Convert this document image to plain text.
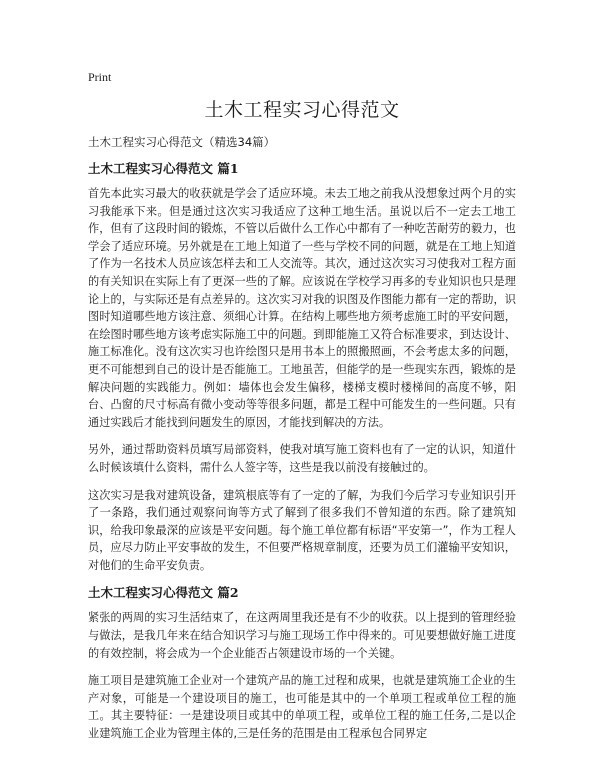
Print
土木工程实习心得范文
土木工程实习心得范文（精选34篇）
土木工程实习心得范文 篇1

首先本此实习最大的收获就是学会了适应环境。未去工地之前我从没想象过两个月的实习我能承下来。但是通过这次实习我适应了这种工地生活。虽说以后不一定去工地工作，但有了这段时间的锻炼，不管以后做什么工作心中都有了一种吃苦耐劳的毅力，也学会了适应环境。另外就是在工地上知道了一些与学校不同的问题，就是在工地上知道了作为一名技术人员应该怎样去和工人交流等。其次，通过这次实习习使我对工程方面的有关知识在实际上有了更深一些的了解。应该说在学校学习再多的专业知识也只是理论上的，与实际还是有点差异的。这次实习对我的识图及作图能力都有一定的帮助，识图时知道哪些地方该注意、须细心计算。在结构上哪些地方须考虑施工时的平安问题，在绘图时哪些地方该考虑实际施工中的问题。到即能施工又符合标准要求，到达设计、施工标准化。没有这次实习也许绘图只是用书本上的照搬照画，不会考虑太多的问题，更不可能想到自己的设计是否能施工。工地虽苦，但能学的是一些现实东西，锻炼的是解决问题的实践能力。例如：墙体也会发生偏移，楼梯支模时楼梯间的高度不够，阳台、凸窗的尺寸标高有微小变动等等很多问题，都是工程中可能发生的一些问题。只有通过实践后才能找到问题发生的原因，才能找到解决的方法。

另外，通过帮助资料员填写局部资料，使我对填写施工资料也有了一定的认识，知道什么时候该填什么资料，需什么人签字等，这些是我以前没有接触过的。

这次实习是我对建筑设备，建筑根底等有了一定的了解，为我们今后学习专业知识引开了一条路，我们通过观察问询等方式了解到了很多我们不曾知道的东西。除了建筑知识，给我印象最深的应该是平安问题。每个施工单位都有标语“平安第一”，作为工程人员，应尽力防止平安事故的发生，不但要严格规章制度，还要为员工们灌输平安知识，对他们的生命平安负责。

土木工程实习心得范文 篇2

紧张的两周的实习生活结束了，在这两周里我还是有不少的收获。以上提到的管理经验与做法，是我几年来在结合知识学习与施工现场工作中得来的。可见要想做好施工进度的有效控制，将会成为一个企业能否占领建设市场的一个关键。

施工项目是建筑施工企业对一个建筑产品的施工过程和成果，也就是建筑施工企业的生产对象，可能是一个建设项目的施工，也可能是其中的一个单项工程或单位工程的施工。其主要特征：一是建设项目或其中的单项工程，或单位工程的施工任务,二是以企业建筑施工企业为管理主体的,三是任务的范围是由工程承包合同界定
